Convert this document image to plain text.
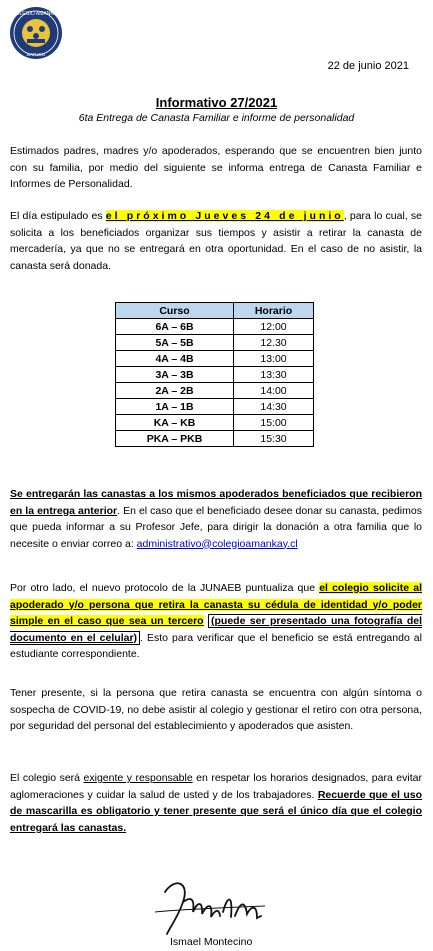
COLEGIO AMANKAY
BATUCO
22 de junio 2021
Informativo 27/2021
6ta Entrega de Canasta Familiar e informe de personalidad
Estimados padres, madres y/o apoderados, esperando que se encuentren bien junto con su familia, por medio del siguiente se informa entrega de Canasta Familiar e Informes de Personalidad.
El día estipulado es el próximo Jueves 24 de junio, para lo cual, se solicita a los beneficiados organizar sus tiempos y asistir a retirar la canasta de mercadería, ya que no se entregará en otra oportunidad. En el caso de no asistir, la canasta será donada.
Curso	Horario
6A – 6B	12:00
5A – 5B	12.30
4A – 4B	13:00
3A – 3B	13:30
2A – 2B	14:00
1A – 1B	14:30
KA – KB	15:00
PKA – PKB	15:30
Se entregarán las canastas a los mismos apoderados beneficiados que recibieron en la entrega anterior. En el caso que el beneficiado desee donar su canasta, pedimos que pueda informar a su Profesor Jefe, para dirigir la donación a otra familia que lo necesite o enviar correo a: administrativo@colegioamankay.cl
Por otro lado, el nuevo protocolo de la JUNAEB puntualiza que el colegio solicite al apoderado y/o persona que retira la canasta su cédula de identidad y/o poder simple en el caso que sea un tercero (puede ser presentado una fotografía del documento en el celular) . Esto para verificar que el beneficio se está entregando al estudiante correspondiente.
Tener presente, si la persona que retira canasta se encuentra con algún síntoma o sospecha de COVID-19, no debe asistir al colegio y gestionar el retiro con otra persona, por seguridad del personal del establecimiento y apoderados que asisten.
El colegio será exigente y responsable en respetar los horarios designados, para evitar aglomeraciones y cuidar la salud de usted y de los trabajadores. Recuerde que el uso de mascarilla es obligatorio y tener presente que será el único día que el colegio entregará las canastas.
Ismael Montecino
